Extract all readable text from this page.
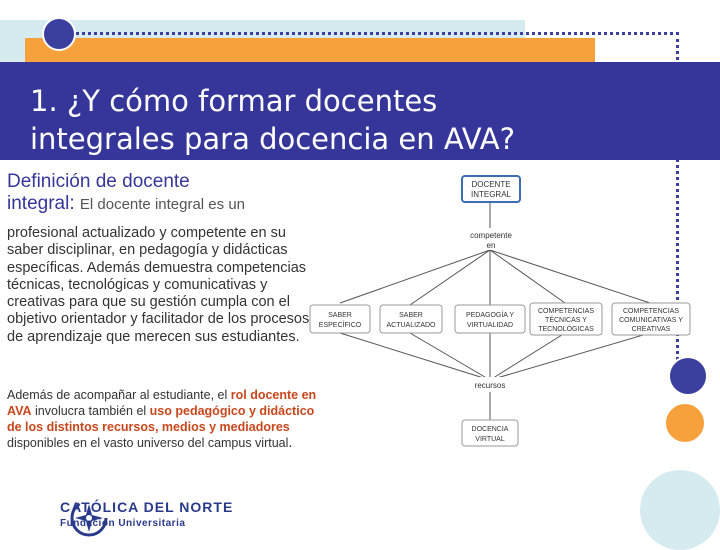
1. ¿Y cómo formar docentes
integrales para docencia en AVA?
Definición de docente
integral: El docente integral es un
profesional actualizado y competente en su saber disciplinar, en pedagogía y didácticas específicas. Además demuestra competencias técnicas, tecnológicas y comunicativas y creativas para que su gestión cumpla con el objetivo orientador y facilitador de los procesos de aprendizaje que merecen sus estudiantes.
Además de acompañar al estudiante, el rol docente en AVA involucra también el uso pedagógico y didáctico de los distintos recursos, medios y mediadores disponibles en el vasto universo del campus virtual.
DOCENTE
INTEGRAL
competente
en
SABER
ESPECÍFICO
SABER
ACTUALIZADO
PEDAGOGÍA Y
VIRTUALIDAD
COMPETENCIAS
TÉCNICAS Y
TECNOLÓGICAS
COMPETENCIAS
COMUNICATIVAS Y
CREATIVAS
recursos
DOCENCIA
VIRTUAL
CATÓLICA DEL NORTE
Fundación Universitaria
